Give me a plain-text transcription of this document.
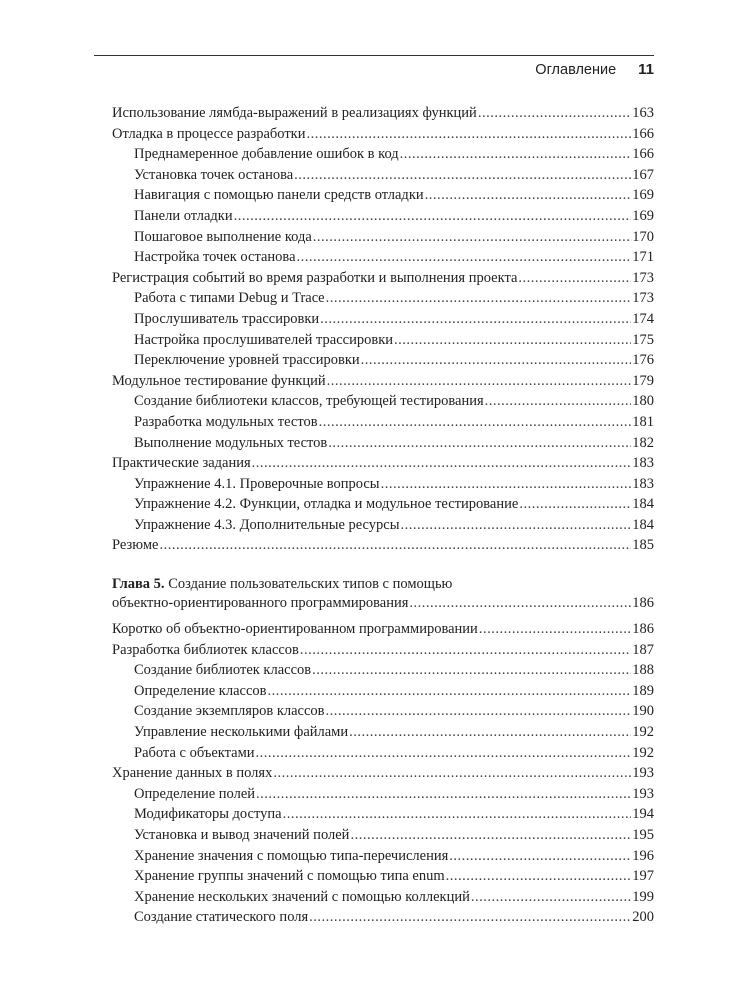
Оглавление 11
Использование лямбда-выражений в реализациях функций .....	163
Отладка в процессе разработки .....	166
Преднамеренное добавление ошибок в код .....	166
Установка точек останова .....	167
Навигация с помощью панели средств отладки .....	169
Панели отладки .....	169
Пошаговое выполнение кода .....	170
Настройка точек останова .....	171
Регистрация событий во время разработки и выполнения проекта .....	173
Работа с типами Debug и Trace .....	173
Прослушиватель трассировки .....	174
Настройка прослушивателей трассировки .....	175
Переключение уровней трассировки .....	176
Модульное тестирование функций .....	179
Создание библиотеки классов, требующей тестирования .....	180
Разработка модульных тестов .....	181
Выполнение модульных тестов .....	182
Практические задания .....	183
Упражнение 4.1. Проверочные вопросы .....	183
Упражнение 4.2. Функции, отладка и модульное тестирование .....	184
Упражнение 4.3. Дополнительные ресурсы .....	184
Резюме .....	185
Глава 5. Создание пользовательских типов с помощью
объектно-ориентированного программирования .....	186
Коротко об объектно-ориентированном программировании .....	186
Разработка библиотек классов .....	187
Создание библиотек классов .....	188
Определение классов .....	189
Создание экземпляров классов .....	190
Управление несколькими файлами .....	192
Работа с объектами .....	192
Хранение данных в полях .....	193
Определение полей .....	193
Модификаторы доступа .....	194
Установка и вывод значений полей .....	195
Хранение значения с помощью типа-перечисления .....	196
Хранение группы значений с помощью типа enum .....	197
Хранение нескольких значений с помощью коллекций .....	199
Создание статического поля .....	200
